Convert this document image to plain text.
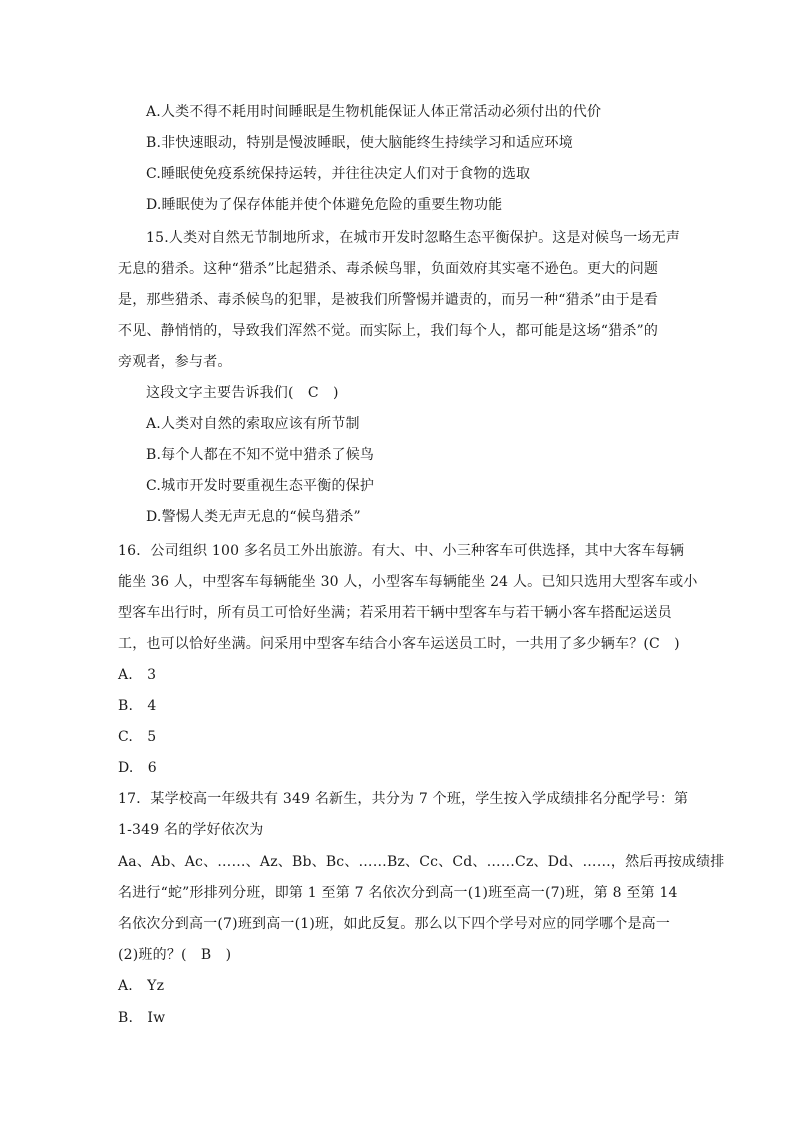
A.人类不得不耗用时间睡眠是生物机能保证人体正常活动必须付出的代价
B.非快速眼动，特别是慢波睡眠，使大脑能终生持续学习和适应环境
C.睡眠使免疫系统保持运转，并往往决定人们对于食物的选取
D.睡眠使为了保存体能并使个体避免危险的重要生物功能
15.人类对自然无节制地所求，在城市开发时忽略生态平衡保护。这是对候鸟一场无声
无息的猎杀。这种“猎杀”比起猎杀、毒杀候鸟罪，负面效府其实毫不逊色。更大的问题
是，那些猎杀、毒杀候鸟的犯罪，是被我们所警惕并谴责的，而另一种“猎杀”由于是看
不见、静悄悄的，导致我们浑然不觉。而实际上，我们每个人，都可能是这场“猎杀”的
旁观者，参与者。
这段文字主要告诉我们(　C　)
A.人类对自然的索取应该有所节制
B.每个人都在不知不觉中猎杀了候鸟
C.城市开发时要重视生态平衡的保护
D.警惕人类无声无息的“候鸟猎杀”
16．公司组织 100 多名员工外出旅游。有大、中、小三种客车可供选择，其中大客车每辆
能坐 36 人，中型客车每辆能坐 30 人，小型客车每辆能坐 24 人。已知只选用大型客车或小
型客车出行时，所有员工可恰好坐满；若采用若干辆中型客车与若干辆小客车搭配运送员
工，也可以恰好坐满。问采用中型客车结合小客车运送员工时，一共用了多少辆车？(C　)
A.　3
B.　4
C.　5
D.　6
17．某学校高一年级共有 349 名新生，共分为 7 个班，学生按入学成绩排名分配学号：第
1-349 名的学好依次为
Aa、Ab、Ac、……、Az、Bb、Bc、……Bz、Cc、Cd、……Cz、Dd、……，然后再按成绩排
名进行“蛇”形排列分班，即第 1 至第 7 名依次分到高一(1)班至高一(7)班，第 8 至第 14
名依次分到高一(7)班到高一(1)班，如此反复。那么以下四个学号对应的同学哪个是高一
(2)班的？(　B　)
A.　Yz
B.　Iw
